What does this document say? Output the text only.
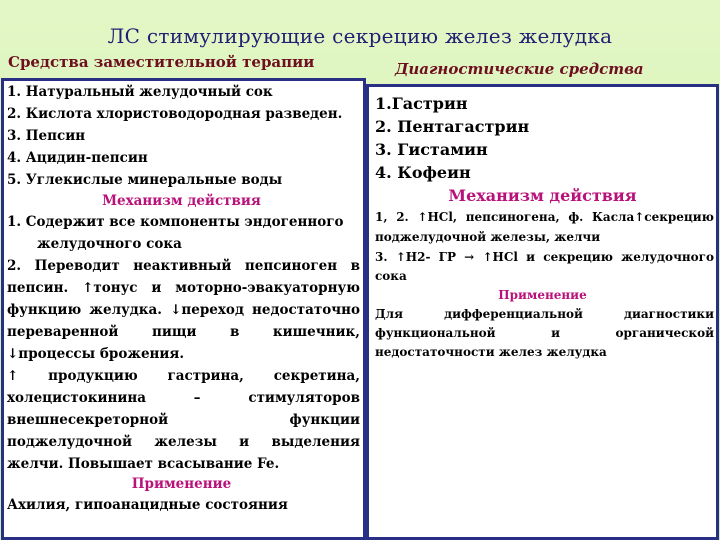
ЛС стимулирующие секрецию желез желудка
Средства заместительной терапии	Диагностические средства
1. Натуральный желудочный сок
2. Кислота хлористоводородная разведен.
3. Пепсин
4. Ацидин-пепсин
5. Углекислые минеральные воды
Механизм действия
1. Содержит все компоненты эндогенного
желудочного сока
2. Переводит неактивный пепсиноген в
пепсин. ↑тонус и моторно-эвакуаторную
функцию желудка. ↓переход недостаточно
переваренной пищи в кишечник,
↓процессы брожения.
↑ продукцию гастрина, секретина,
холецистокинина – стимуляторов
внешнесекреторной функции
поджелудочной железы и выделения
желчи. Повышает всасывание Fe.
Применение
Ахилия, гипоанацидные состояния
1.Гастрин
2. Пентагастрин
3. Гистамин
4. Кофеин
Механизм действия
1, 2. ↑HCl, пепсиногена, ф. Касла↑секрецию
поджелудочной железы, желчи
3. ↑H2- ГР → ↑HCl и секрецию желудочного
сока
Применение
Для дифференциальной диагностики
функциональной и органической
недостаточности желез желудка
